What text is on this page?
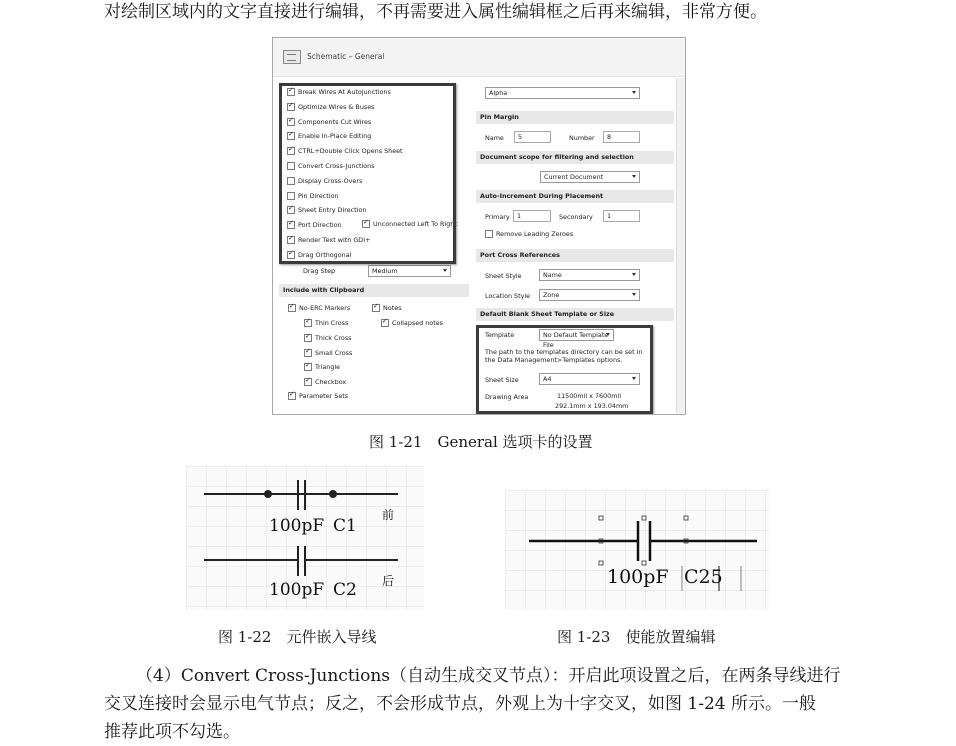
对绘制区域内的文字直接进行编辑，不再需要进入属性编辑框之后再来编辑，非常方便。
Schematic – General
✓
Break Wires At Autojunctions
✓
Optimize Wires & Buses
✓
Components Cut Wires
✓
Enable In-Place Editing
✓
CTRL+Double Click Opens Sheet
Convert Cross-Junctions
Display Cross-Overs
Pin Direction
✓
Sheet Entry Direction
✓
Port Direction
✓
Render Text with GDI+
✓
Drag Orthogonal
✓
Unconnected Left To Right
Drag Step	Medium
Include with Clipboard
✓
No-ERC Markers
✓	Notes
✓
Collapsed notes
✓
Thin Cross
✓
Thick Cross
✓
Small Cross
✓
Triangle
✓
Checkbox
✓
Parameter Sets
Alpha
Pin Margin
Name	5	Number	8
Document scope for filtering and selection
Current Document
Auto-Increment During Placement
Primary	1	Secondary	1
Remove Leading Zeroes
Port Cross References
Sheet Style	Name
Location Style	Zone
Default Blank Sheet Template or Size
Template	No Default Template File
The path to the templates directory can be set in
the Data Management>Templates options.
Sheet Size	A4
Drawing Area	11500mil x 7600mil
292.1mm x 193.04mm
图 1-21　General 选项卡的设置
100pF C1
前
100pF C2 后	100pF C25
图 1-22　元件嵌入导线	图 1-23　使能放置编辑
（4）Convert Cross-Junctions（自动生成交叉节点）：开启此项设置之后，在两条导线进行
交叉连接时会显示电气节点；反之，不会形成节点，外观上为十字交叉，如图 1-24 所示。一般
推荐此项不勾选。
